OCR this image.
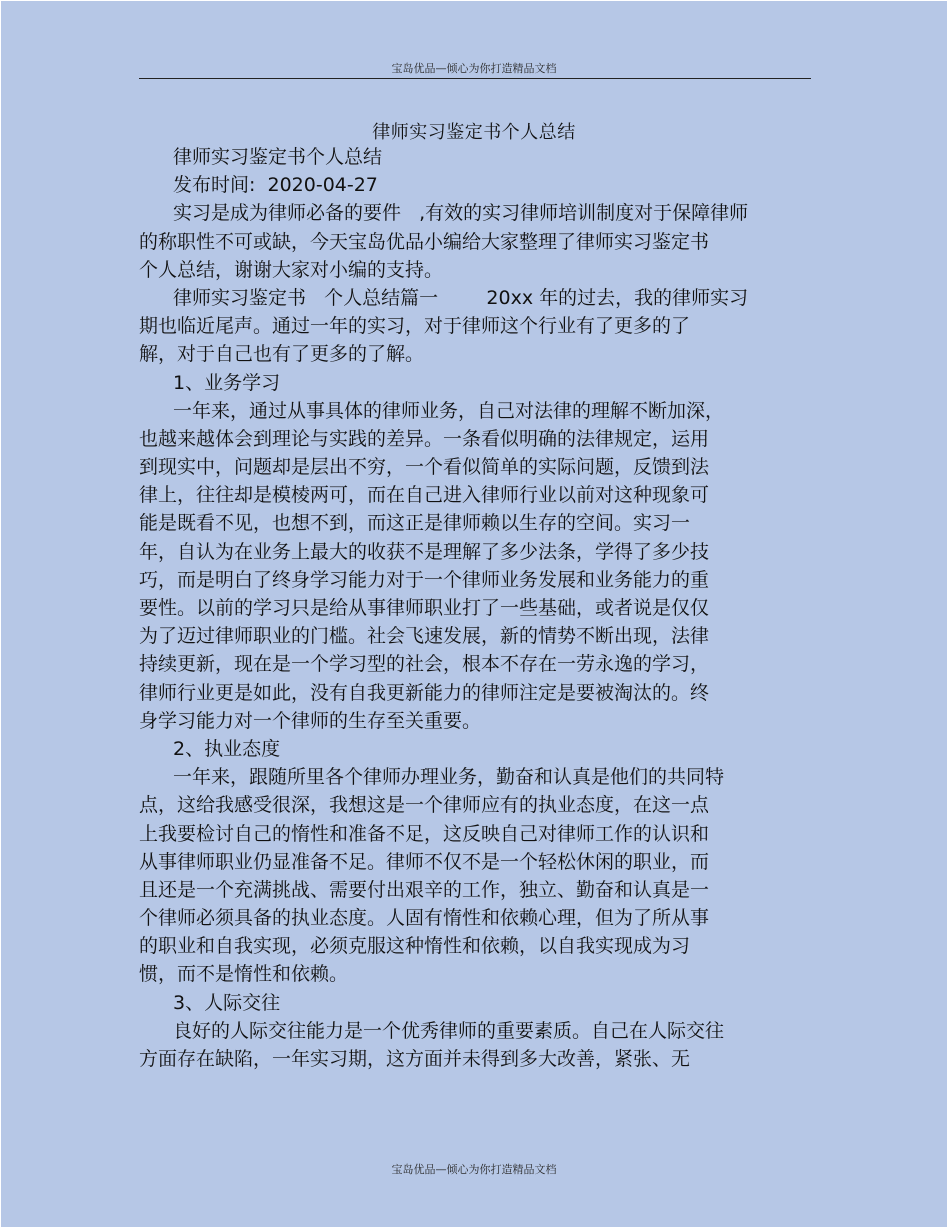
宝岛优品—倾心为你打造精品文档
律师实习鉴定书个人总结
律师实习鉴定书个人总结
发布时间:  2020-04-27
实习是成为律师必备的要件   ,有效的实习律师培训制度对于保障律师
的称职性不可或缺，今天宝岛优品小编给大家整理了律师实习鉴定书
个人总结，谢谢大家对小编的支持。
律师实习鉴定书   个人总结篇一        20xx 年的过去，我的律师实习
期也临近尾声。通过一年的实习，对于律师这个行业有了更多的了
解，对于自己也有了更多的了解。
1、业务学习
一年来，通过从事具体的律师业务，自己对法律的理解不断加深，
也越来越体会到理论与实践的差异。一条看似明确的法律规定，运用
到现实中，问题却是层出不穷，一个看似简单的实际问题，反馈到法
律上，往往却是模棱两可，而在自己进入律师行业以前对这种现象可
能是既看不见，也想不到，而这正是律师赖以生存的空间。实习一
年，自认为在业务上最大的收获不是理解了多少法条，学得了多少技
巧，而是明白了终身学习能力对于一个律师业务发展和业务能力的重
要性。以前的学习只是给从事律师职业打了一些基础，或者说是仅仅
为了迈过律师职业的门槛。社会飞速发展，新的情势不断出现，法律
持续更新，现在是一个学习型的社会，根本不存在一劳永逸的学习，
律师行业更是如此，没有自我更新能力的律师注定是要被淘汰的。终
身学习能力对一个律师的生存至关重要。
2、执业态度
一年来，跟随所里各个律师办理业务，勤奋和认真是他们的共同特
点，这给我感受很深，我想这是一个律师应有的执业态度，在这一点
上我要检讨自己的惰性和准备不足，这反映自己对律师工作的认识和
从事律师职业仍显准备不足。律师不仅不是一个轻松休闲的职业，而
且还是一个充满挑战、需要付出艰辛的工作，独立、勤奋和认真是一
个律师必须具备的执业态度。人固有惰性和依赖心理，但为了所从事
的职业和自我实现，必须克服这种惰性和依赖，以自我实现成为习
惯，而不是惰性和依赖。
3、人际交往
良好的人际交往能力是一个优秀律师的重要素质。自己在人际交往
方面存在缺陷，一年实习期，这方面并未得到多大改善，紧张、无
宝岛优品—倾心为你打造精品文档
